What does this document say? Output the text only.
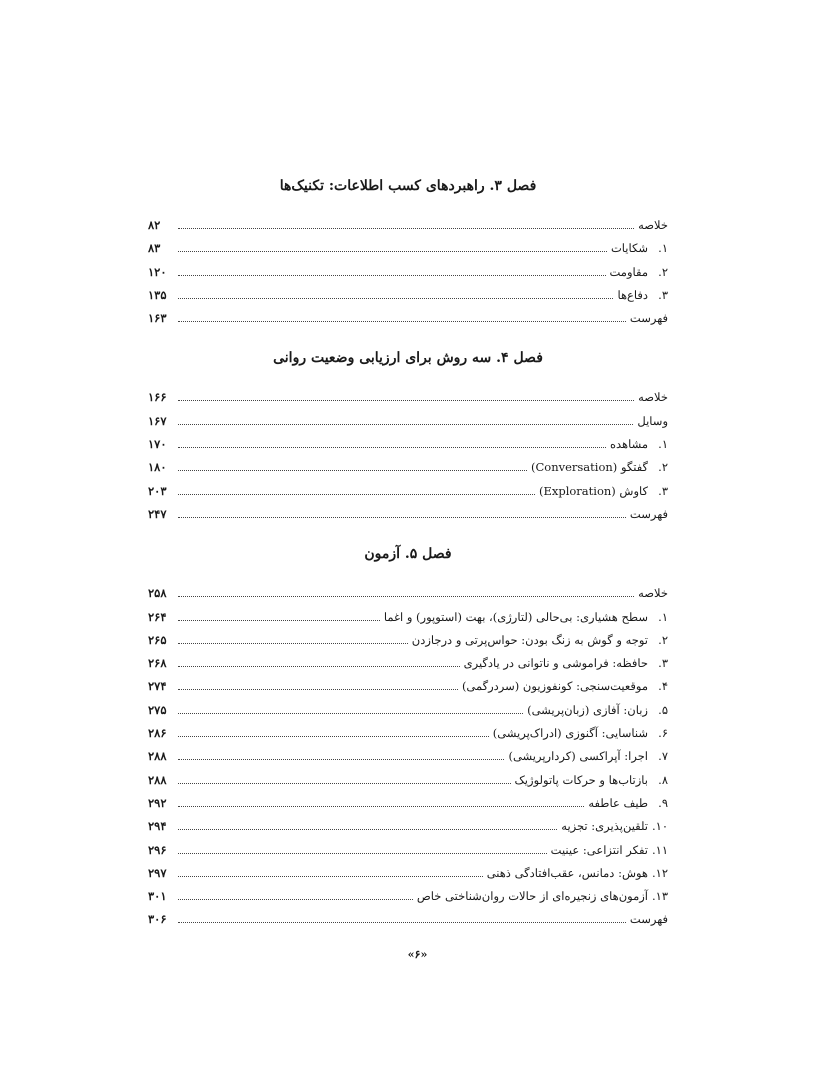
فصل ۳. راهبردهای کسب اطلاعات: تکنیک‌ها
خلاصه
۸۲
۱.
شکایات
۸۳
۲.
مقاومت
۱۲۰
۳.
دفاع‌ها
۱۳۵
فهرست
۱۶۳
فصل ۴. سه روش برای ارزیابی وضعیت روانی
خلاصه
۱۶۶
وسایل
۱۶۷
۱.
مشاهده
۱۷۰
۲.
گفتگو (Conversation)
۱۸۰
۳.
کاوش (Exploration)
۲۰۳
فهرست
۲۴۷
فصل ۵. آزمون
خلاصه
۲۵۸
۱.
سطح هشیاری: بی‌حالی (لتارژی)، بهت (استوپور) و اغما
۲۶۴
۲.
توجه و گوش به زنگ بودن: حواس‌پرتی و درجازدن
۲۶۵
۳.
حافظه: فراموشی و ناتوانی در یادگیری
۲۶۸
۴.
موقعیت‌سنجی: کونفوزیون (سردرگمی)
۲۷۴
۵.
زبان: آفازی (زبان‌پریشی)
۲۷۵
۶.
شناسایی: آگنوزی (ادراک‌پریشی)
۲۸۶
۷.
اجرا: آپراکسی (کردارپریشی)
۲۸۸
۸.
بازتاب‌ها و حرکات پاتولوژیک
۲۸۸
۹.
طیف عاطفه
۲۹۲
۱۰.
تلقین‌پذیری: تجزیه
۲۹۴
۱۱.
تفکر انتزاعی: عینیت
۲۹۶
۱۲.
هوش: دمانس، عقب‌افتادگی ذهنی
۲۹۷
۱۳.
آزمون‌های زنجیره‌ای از حالات روان‌شناختی خاص
۳۰۱
فهرست
۳۰۶
«۶»
